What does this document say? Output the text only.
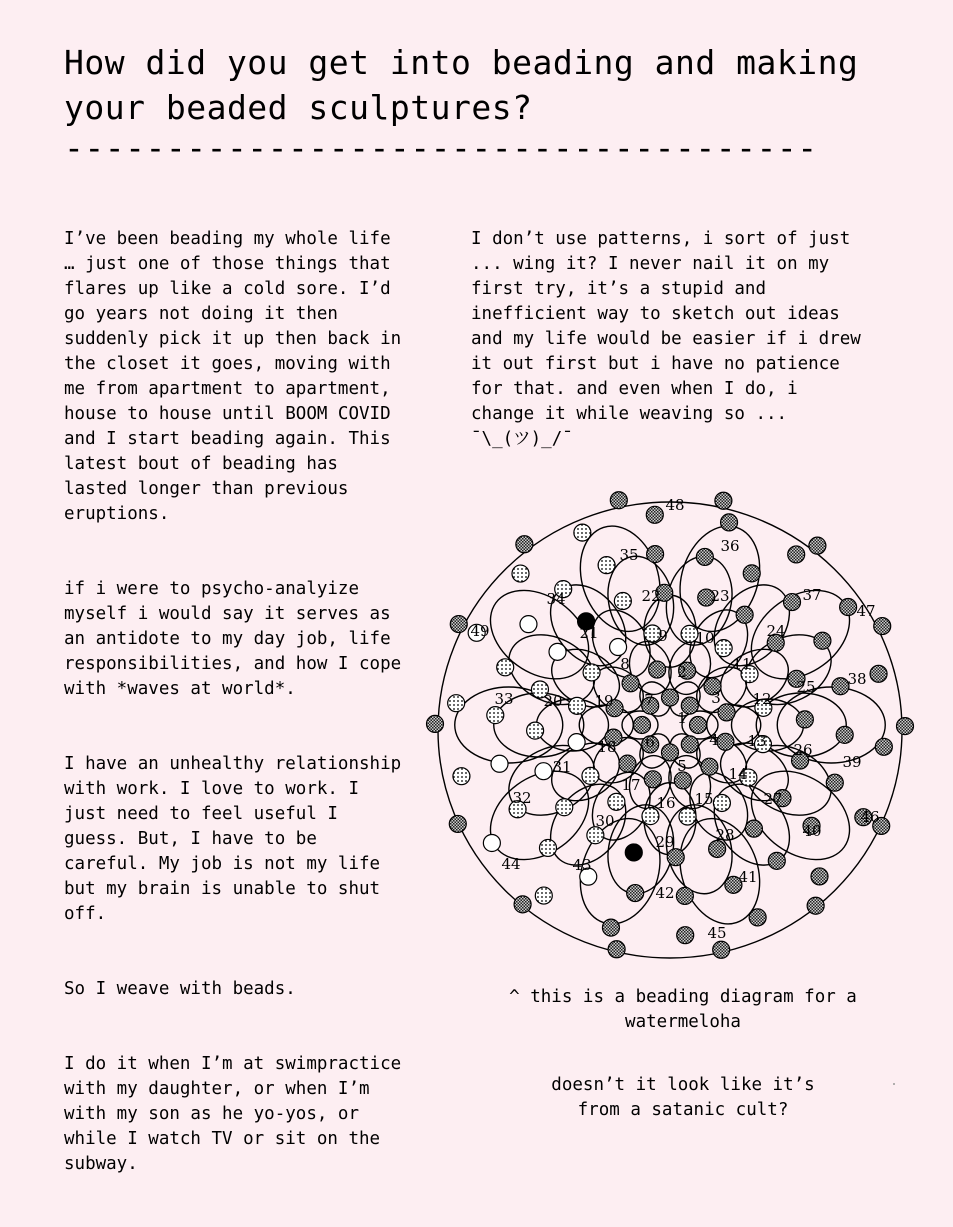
How did you get into beading and making your beaded sculptures?
-------------------------------------

I’ve been beading my whole life … just one of those things that flares up like a cold sore. I’d go years not doing it then suddenly pick it up then back in the closet it goes, moving with me from apartment to apartment, house to house until BOOM COVID and I start beading again. This latest bout of beading has lasted longer than previous eruptions.

if i were to psycho-analyize myself i would say it serves as an antidote to my day job, life responsibilities, and how I cope with *waves at world*.

I have an unhealthy relationship with work. I love to work. I just need to feel useful I guess. But, I have to be careful. My job is not my life but my brain is unable to shut off.

So I weave with beads.

I do it when I’m at swimpractice with my daughter, or when I’m with my son as he yo-yos, or while I watch TV or sit on the subway.

I don’t use patterns, i sort of just ... wing it? I never nail it on my first try, it’s a stupid and inefficient way to sketch out ideas and my life would be easier if i drew it out first but i have no patience for that. and even when I do, i change it while weaving so ... ¯\_(ツ)_/¯

1
2
3
4
5
6
7
8
9 10
11
12
13
14
15
16
17
18
19
20
21
22	23
24
25
26
27
28
29
30
31
32
33
34
35	36
37
38
39
40
41
42
43
44
45
46
47
48
49
^ this is a beading diagram for a watermeloha
doesn’t it look like it’s from a satanic cult?
